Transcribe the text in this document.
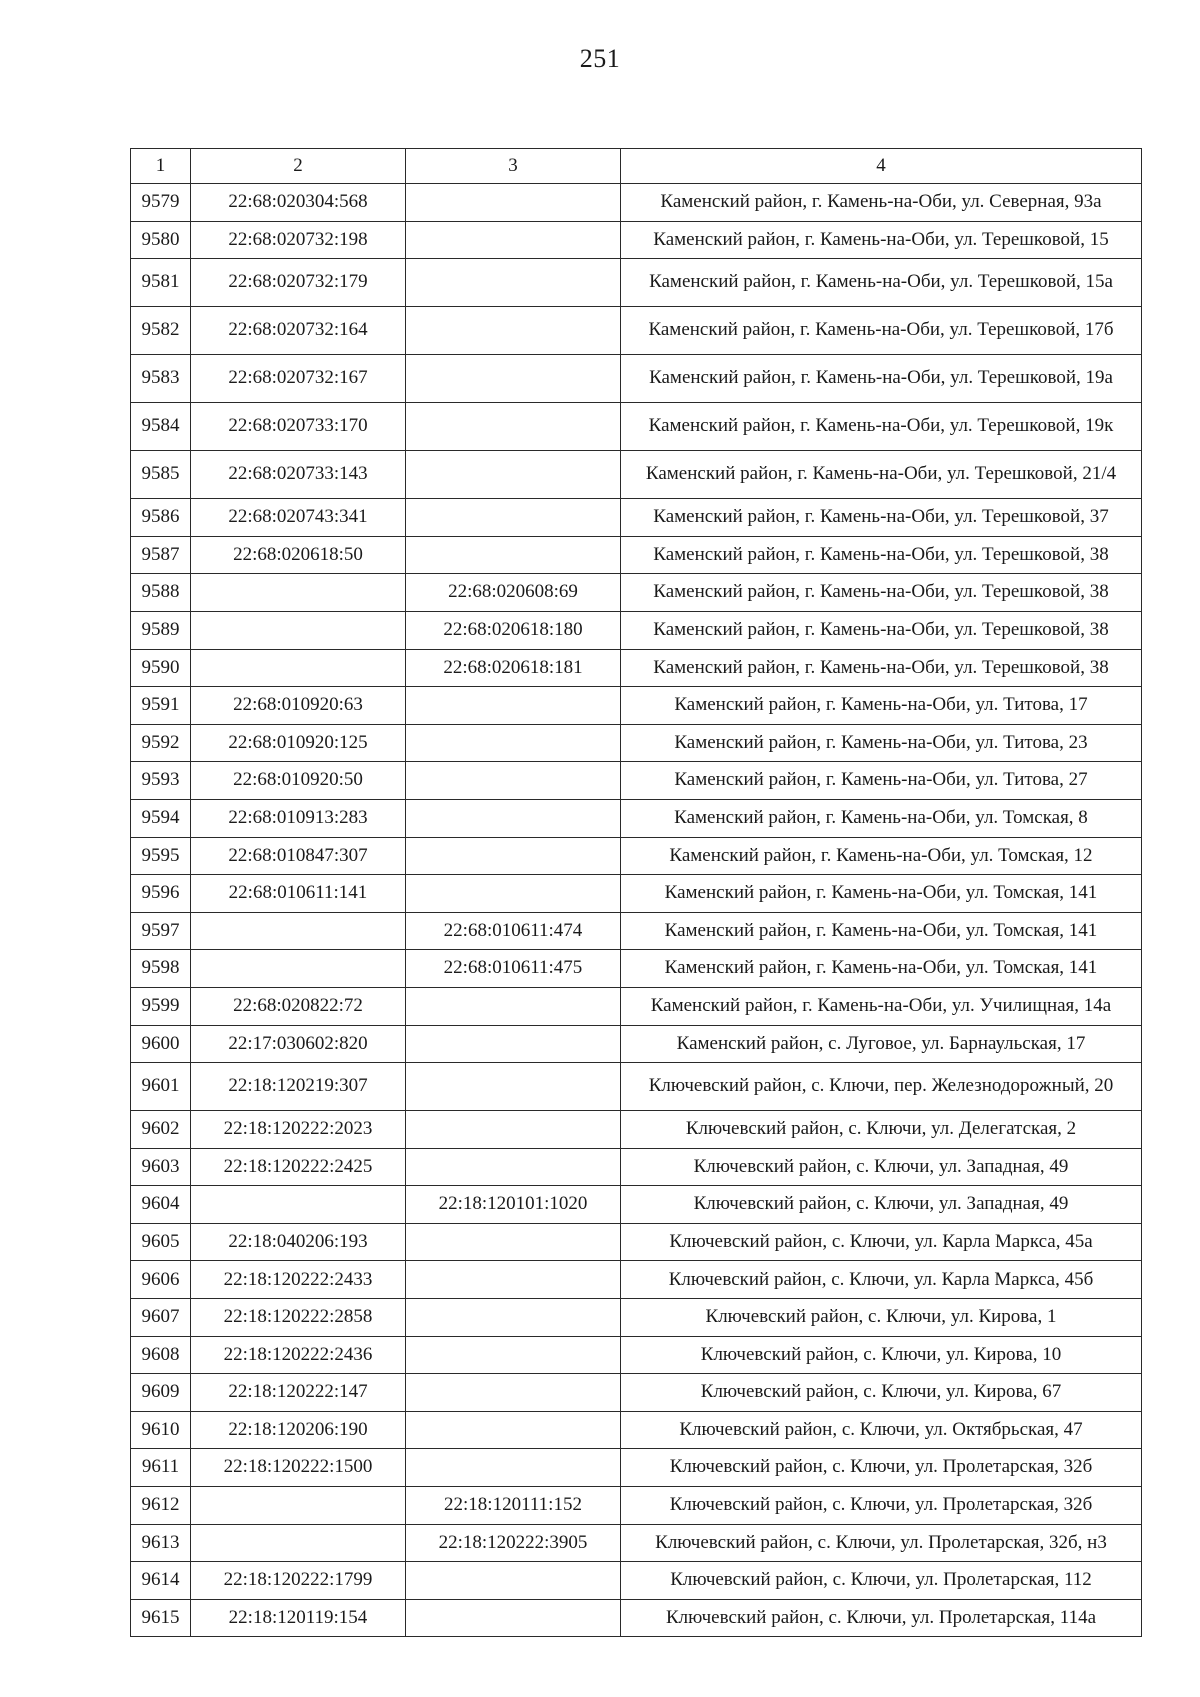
251
1	2	3	4
9579	22:68:020304:568		Каменский район, г. Камень-на-Оби, ул. Северная, 93а
9580	22:68:020732:198		Каменский район, г. Камень-на-Оби, ул. Терешковой, 15
9581	22:68:020732:179		Каменский район, г. Камень-на-Оби, ул. Терешковой, 15а
9582	22:68:020732:164		Каменский район, г. Камень-на-Оби, ул. Терешковой, 17б
9583	22:68:020732:167		Каменский район, г. Камень-на-Оби, ул. Терешковой, 19а
9584	22:68:020733:170		Каменский район, г. Камень-на-Оби, ул. Терешковой, 19к
9585	22:68:020733:143		Каменский район, г. Камень-на-Оби, ул. Терешковой, 21/4
9586	22:68:020743:341		Каменский район, г. Камень-на-Оби, ул. Терешковой, 37
9587	22:68:020618:50		Каменский район, г. Камень-на-Оби, ул. Терешковой, 38
9588		22:68:020608:69	Каменский район, г. Камень-на-Оби, ул. Терешковой, 38
9589		22:68:020618:180	Каменский район, г. Камень-на-Оби, ул. Терешковой, 38
9590		22:68:020618:181	Каменский район, г. Камень-на-Оби, ул. Терешковой, 38
9591	22:68:010920:63		Каменский район, г. Камень-на-Оби, ул. Титова, 17
9592	22:68:010920:125		Каменский район, г. Камень-на-Оби, ул. Титова, 23
9593	22:68:010920:50		Каменский район, г. Камень-на-Оби, ул. Титова, 27
9594	22:68:010913:283		Каменский район, г. Камень-на-Оби, ул. Томская, 8
9595	22:68:010847:307		Каменский район, г. Камень-на-Оби, ул. Томская, 12
9596	22:68:010611:141		Каменский район, г. Камень-на-Оби, ул. Томская, 141
9597		22:68:010611:474	Каменский район, г. Камень-на-Оби, ул. Томская, 141
9598		22:68:010611:475	Каменский район, г. Камень-на-Оби, ул. Томская, 141
9599	22:68:020822:72		Каменский район, г. Камень-на-Оби, ул. Училищная, 14а
9600	22:17:030602:820		Каменский район, с. Луговое, ул. Барнаульская, 17
9601	22:18:120219:307		Ключевский район, с. Ключи, пер. Железнодорожный, 20
9602	22:18:120222:2023		Ключевский район, с. Ключи, ул. Делегатская, 2
9603	22:18:120222:2425		Ключевский район, с. Ключи, ул. Западная, 49
9604		22:18:120101:1020	Ключевский район, с. Ключи, ул. Западная, 49
9605	22:18:040206:193		Ключевский район, с. Ключи, ул. Карла Маркса, 45а
9606	22:18:120222:2433		Ключевский район, с. Ключи, ул. Карла Маркса, 45б
9607	22:18:120222:2858		Ключевский район, с. Ключи, ул. Кирова, 1
9608	22:18:120222:2436		Ключевский район, с. Ключи, ул. Кирова, 10
9609	22:18:120222:147		Ключевский район, с. Ключи, ул. Кирова, 67
9610	22:18:120206:190		Ключевский район, с. Ключи, ул. Октябрьская, 47
9611	22:18:120222:1500		Ключевский район, с. Ключи, ул. Пролетарская, 32б
9612		22:18:120111:152	Ключевский район, с. Ключи, ул. Пролетарская, 32б
9613		22:18:120222:3905	Ключевский район, с. Ключи, ул. Пролетарская, 32б, н3
9614	22:18:120222:1799		Ключевский район, с. Ключи, ул. Пролетарская, 112
9615	22:18:120119:154		Ключевский район, с. Ключи, ул. Пролетарская, 114а
